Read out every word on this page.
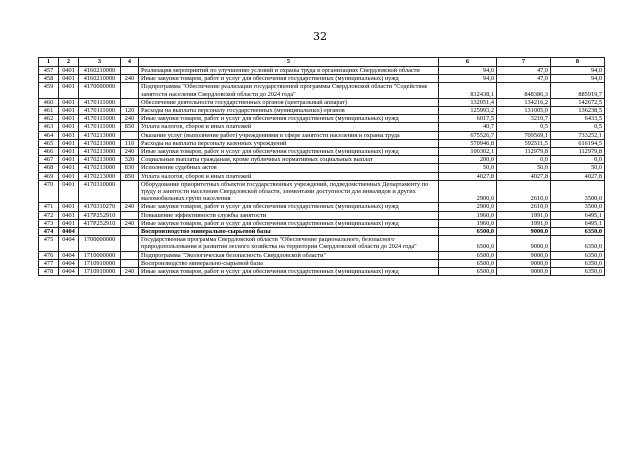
32
1	2	3	4	5	6	7	8
457	0401	4160210000		Реализация мероприятий по улучшению условий и охраны труда в организациях Свердловской области	94,0	47,0	94,0
458	0401	4160210000	240	Иные закупки товаров, работ и услуг для обеспечения государственных (муниципальных) нужд	94,0	47,0	94,0
459	0401	4170000000		Подпрограмма "Обеспечение реализации государственной программы Свердловской области "Содействие занятости населения Свердловской области до 2024 года"	812438,1	848386,3	885919,7
460	0401	4170111000		Обеспечение деятельности государственных органов (центральный аппарат)	132051,4	134216,2	142672,5
461	0401	4170111000	120	Расходы на выплаты персоналу государственных (муниципальных) органов	125993,2	131005,0	136238,5
462	0401	4170111000	240	Иные закупки товаров, работ и услуг для обеспечения государственных (муниципальных) нужд	6017,5	3210,7	6433,5
463	0401	4170111000	850	Уплата налогов, сборов и иных платежей	40,7	0,5	0,5
464	0401	4170213000		Оказание услуг (выполнение работ) учреждениями в сфере занятости населения и охраны труда	675526,7	709569,1	733252,1
465	0401	4170213000	110	Расходы на выплаты персоналу казенных учреждений	570946,8	592511,5	616194,5
466	0401	4170213000	240	Иные закупки товаров, работ и услуг для обеспечения государственных (муниципальных) нужд	100302,1	112979,8	112979,8
467	0401	4170213000	320	Социальные выплаты гражданам, кроме публичных нормативных социальных выплат	200,0	0,0	0,0
468	0401	4170213000	830	Исполнение судебных актов	50,0	50,0	50,0
469	0401	4170213000	850	Уплата налогов, сборов и иных платежей	4027,8	4027,8	4027,8
470	0401	4170310000		Оборудование приоритетных объектов государственных учреждений, подведомственных Департаменту по труду и занятости населения Свердловской области, элементами доступности для инвалидов и других маломобильных групп населения	2900,0	2610,0	3500,0
471	0401	4170310270	240	Иные закупки товаров, работ и услуг для обеспечения государственных (муниципальных) нужд	2900,0	2610,0	3500,0
472	0401	417P252910		Повышение эффективности службы занятости	1960,0	1991,0	6495,1
473	0401	417P252910	240	Иные закупки товаров, работ и услуг для обеспечения государственных (муниципальных) нужд	1960,0	1991,0	6495,1
474	0404			Воспроизводство минерально-сырьевой базы	6500,0	9000,0	6350,0
475	0404	1700000000		Государственная программа Свердловской области "Обеспечение рационального, безопасного природопользования и развития лесного хозяйства на территории Свердловской области до 2024 года"	6500,0	9000,0	6350,0
476	0404	1710000000		Подпрограмма "Экологическая безопасность Свердловской области"	6500,0	9000,0	6350,0
477	0404	1710910000		Воспроизводство минерально-сырьевой базы	6500,0	9000,0	6350,0
478	0404	1710910000	240	Иные закупки товаров, работ и услуг для обеспечения государственных (муниципальных) нужд	6500,0	9000,0	6350,0
